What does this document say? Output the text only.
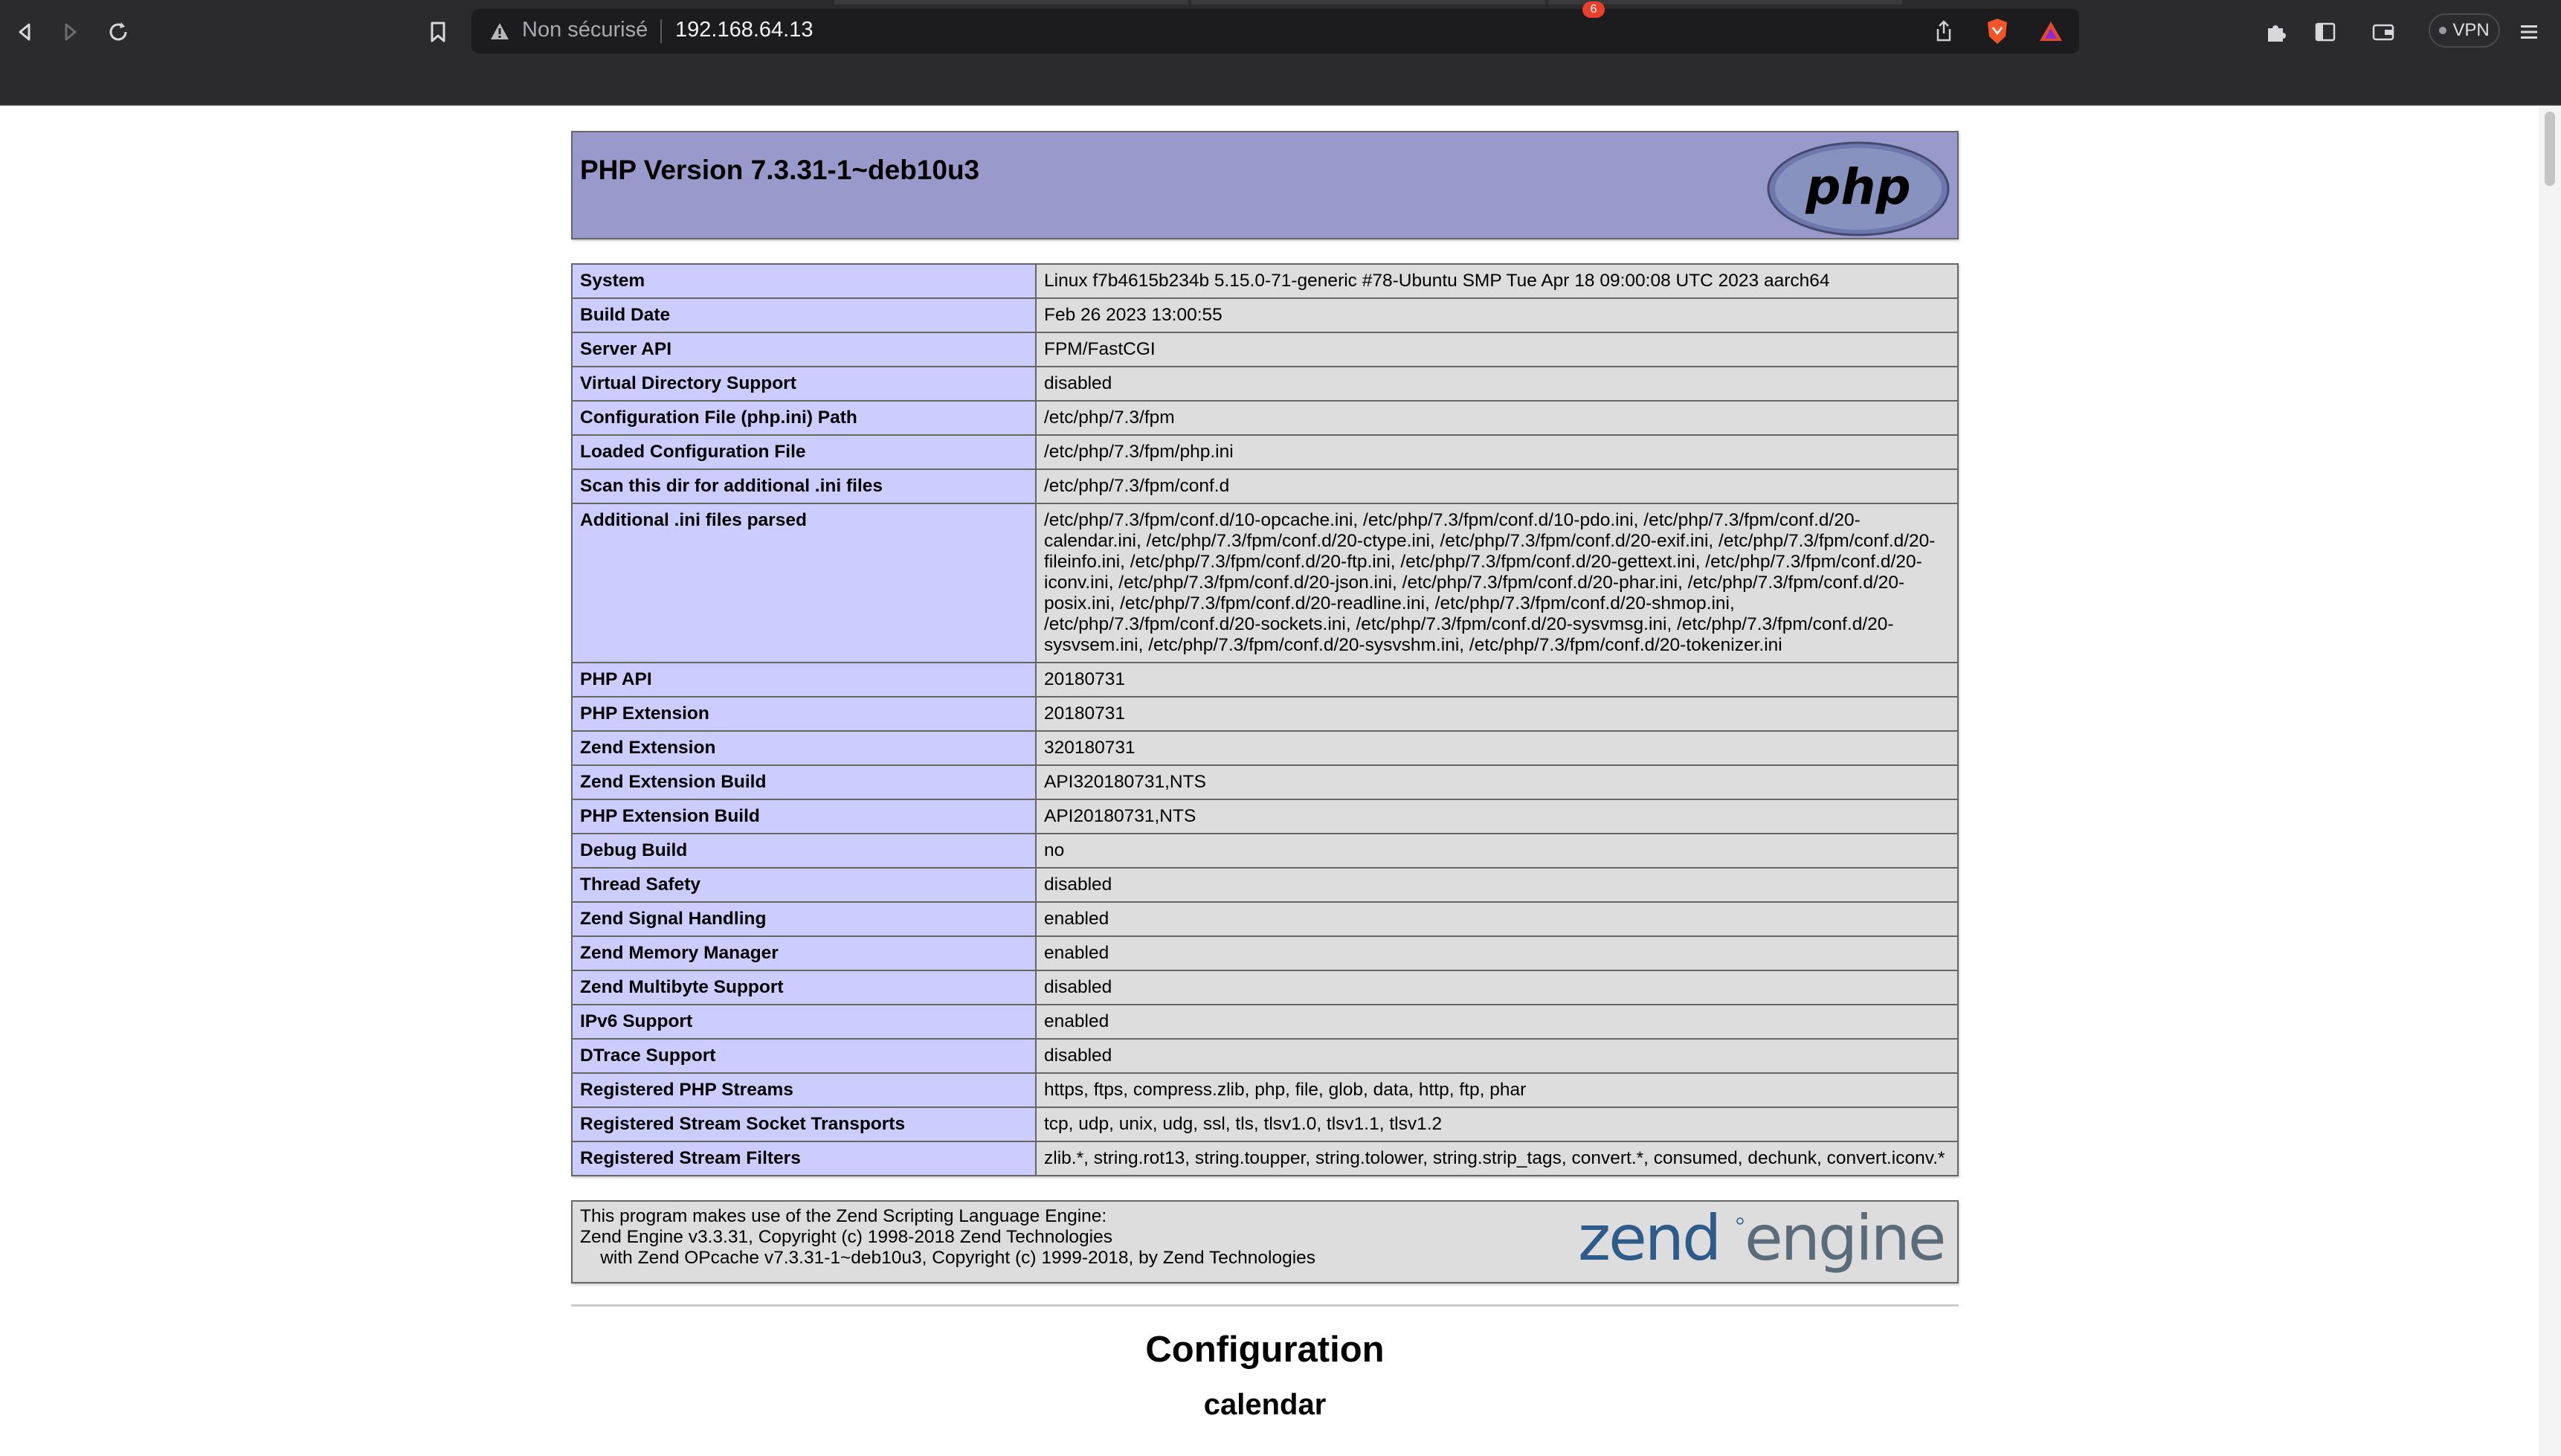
Non sécurisé 192.168.64.13
6
VPN
PHP Version 7.3.31-1~deb10u3	php
System	Linux f7b4615b234b 5.15.0-71-generic #78-Ubuntu SMP Tue Apr 18 09:00:08 UTC 2023 aarch64
Build Date	Feb 26 2023 13:00:55
Server API	FPM/FastCGI
Virtual Directory Support	disabled
Configuration File (php.ini) Path	/etc/php/7.3/fpm
Loaded Configuration File	/etc/php/7.3/fpm/php.ini
Scan this dir for additional .ini files	/etc/php/7.3/fpm/conf.d
Additional .ini files parsed	/etc/php/7.3/fpm/conf.d/10-opcache.ini, /etc/php/7.3/fpm/conf.d/10-pdo.ini, /etc/php/7.3/fpm/conf.d/20-calendar.ini, /etc/php/7.3/fpm/conf.d/20-ctype.ini, /etc/php/7.3/fpm/conf.d/20-exif.ini, /etc/php/7.3/fpm/conf.d/20-fileinfo.ini, /etc/php/7.3/fpm/conf.d/20-ftp.ini, /etc/php/7.3/fpm/conf.d/20-gettext.ini, /etc/php/7.3/fpm/conf.d/20-iconv.ini, /etc/php/7.3/fpm/conf.d/20-json.ini, /etc/php/7.3/fpm/conf.d/20-phar.ini, /etc/php/7.3/fpm/conf.d/20-posix.ini, /etc/php/7.3/fpm/conf.d/20-readline.ini, /etc/php/7.3/fpm/conf.d/20-shmop.ini, /etc/php/7.3/fpm/conf.d/20-sockets.ini, /etc/php/7.3/fpm/conf.d/20-sysvmsg.ini, /etc/php/7.3/fpm/conf.d/20-sysvsem.ini, /etc/php/7.3/fpm/conf.d/20-sysvshm.ini, /etc/php/7.3/fpm/conf.d/20-tokenizer.ini
PHP API	20180731
PHP Extension	20180731
Zend Extension	320180731
Zend Extension Build	API320180731,NTS
PHP Extension Build	API20180731,NTS
Debug Build	no
Thread Safety	disabled
Zend Signal Handling	enabled
Zend Memory Manager	enabled
Zend Multibyte Support	disabled
IPv6 Support	enabled
DTrace Support	disabled
Registered PHP Streams	https, ftps, compress.zlib, php, file, glob, data, http, ftp, phar
Registered Stream Socket Transports	tcp, udp, unix, udg, ssl, tls, tlsv1.0, tlsv1.1, tlsv1.2
Registered Stream Filters	zlib.*, string.rot13, string.toupper, string.tolower, string.strip_tags, convert.*, consumed, dechunk, convert.iconv.*
This program makes use of the Zend Scripting Language Engine:
Zend Engine v3.3.31, Copyright (c) 1998-2018 Zend Technologies
with Zend OPcache v7.3.31-1~deb10u3, Copyright (c) 1999-2018, by Zend Technologies	zend engine
Configuration
calendar
